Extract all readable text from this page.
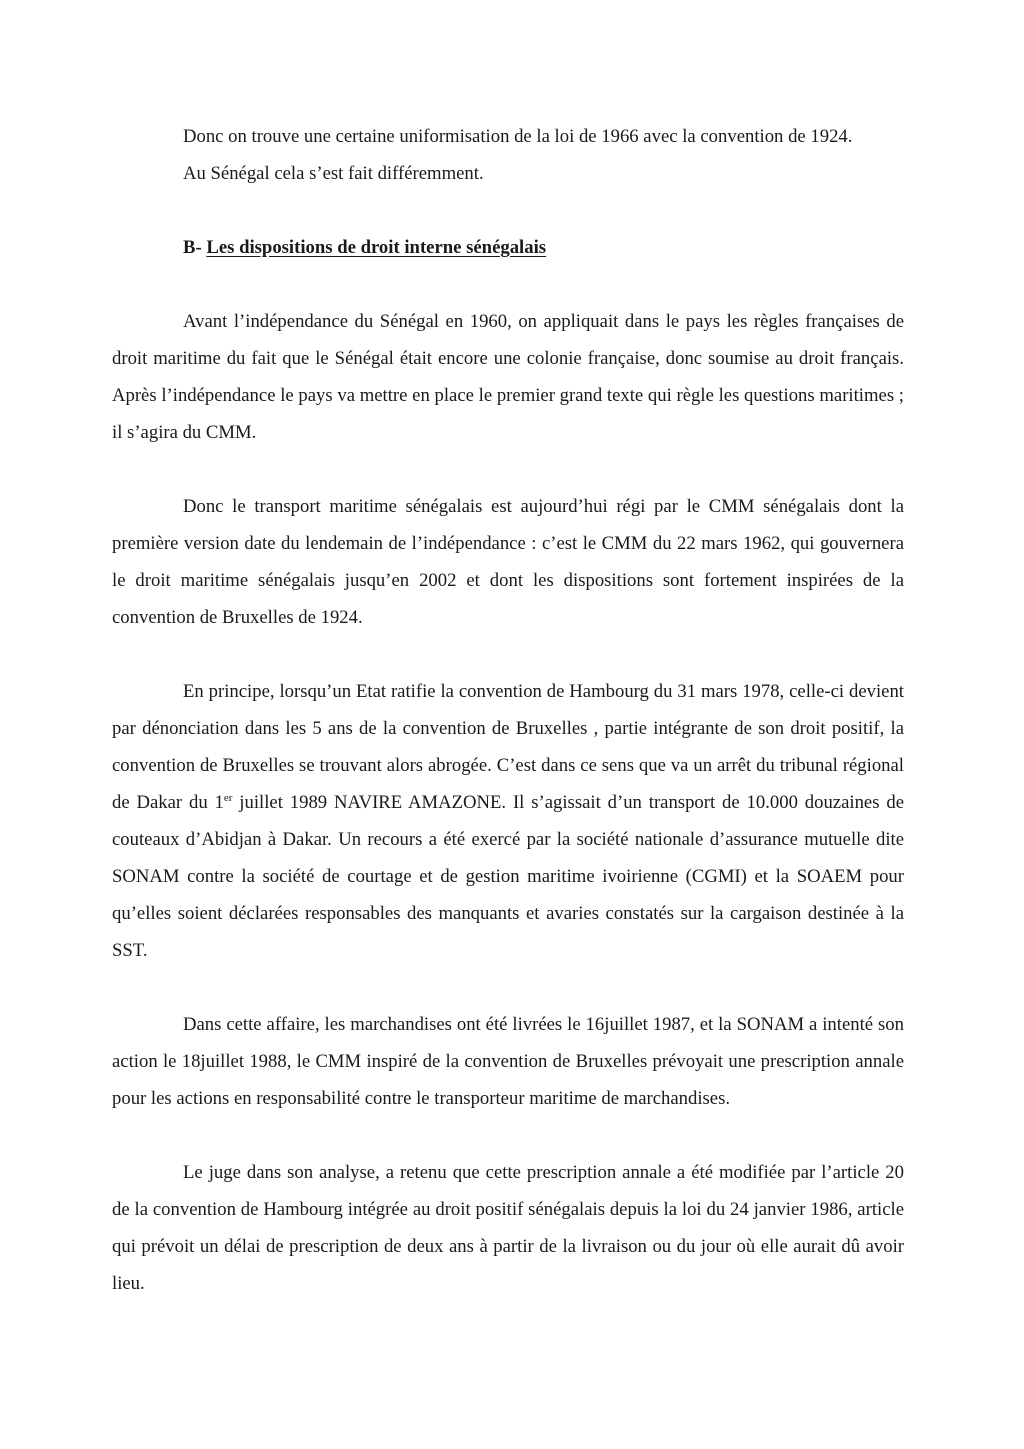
Donc on trouve une certaine uniformisation de la loi de 1966 avec la convention de 1924.

Au Sénégal cela s’est fait différemment.

B- Les dispositions de droit interne sénégalais

Avant l’indépendance du Sénégal en 1960, on appliquait dans le pays les règles françaises de droit maritime du fait que le Sénégal était encore une colonie française, donc soumise au droit français. Après l’indépendance le pays va mettre en place le premier grand texte qui règle les questions maritimes ; il s’agira du CMM.

Donc le transport maritime sénégalais est aujourd’hui régi par le CMM sénégalais dont la première version date du lendemain de l’indépendance : c’est le CMM du 22 mars 1962, qui gouvernera le droit maritime sénégalais jusqu’en 2002 et dont les dispositions sont fortement inspirées de la convention de Bruxelles de 1924.

En principe, lorsqu’un Etat ratifie la convention de Hambourg du 31 mars 1978, celle-ci devient par dénonciation dans les 5 ans de la convention de Bruxelles , partie intégrante de son droit positif, la convention de Bruxelles se trouvant alors abrogée. C’est dans ce sens que va un arrêt du tribunal régional de Dakar du 1er juillet 1989 NAVIRE AMAZONE. Il s’agissait d’un transport de 10.000 douzaines de couteaux d’Abidjan à Dakar. Un recours a été exercé par la société nationale d’assurance mutuelle dite SONAM contre la société de courtage et de gestion maritime ivoirienne (CGMI) et la SOAEM pour qu’elles soient déclarées responsables des manquants et avaries constatés sur la cargaison destinée à la SST.

Dans cette affaire, les marchandises ont été livrées le 16juillet 1987, et la SONAM a intenté son action le 18juillet 1988, le CMM inspiré de la convention de Bruxelles prévoyait une prescription annale pour les actions en responsabilité contre le transporteur maritime de marchandises.

Le juge dans son analyse, a retenu que cette prescription annale a été modifiée par l’article 20 de la convention de Hambourg intégrée au droit positif sénégalais depuis la loi du 24 janvier 1986, article qui prévoit un délai de prescription de deux ans à partir de la livraison ou du jour où elle aurait dû avoir lieu.
